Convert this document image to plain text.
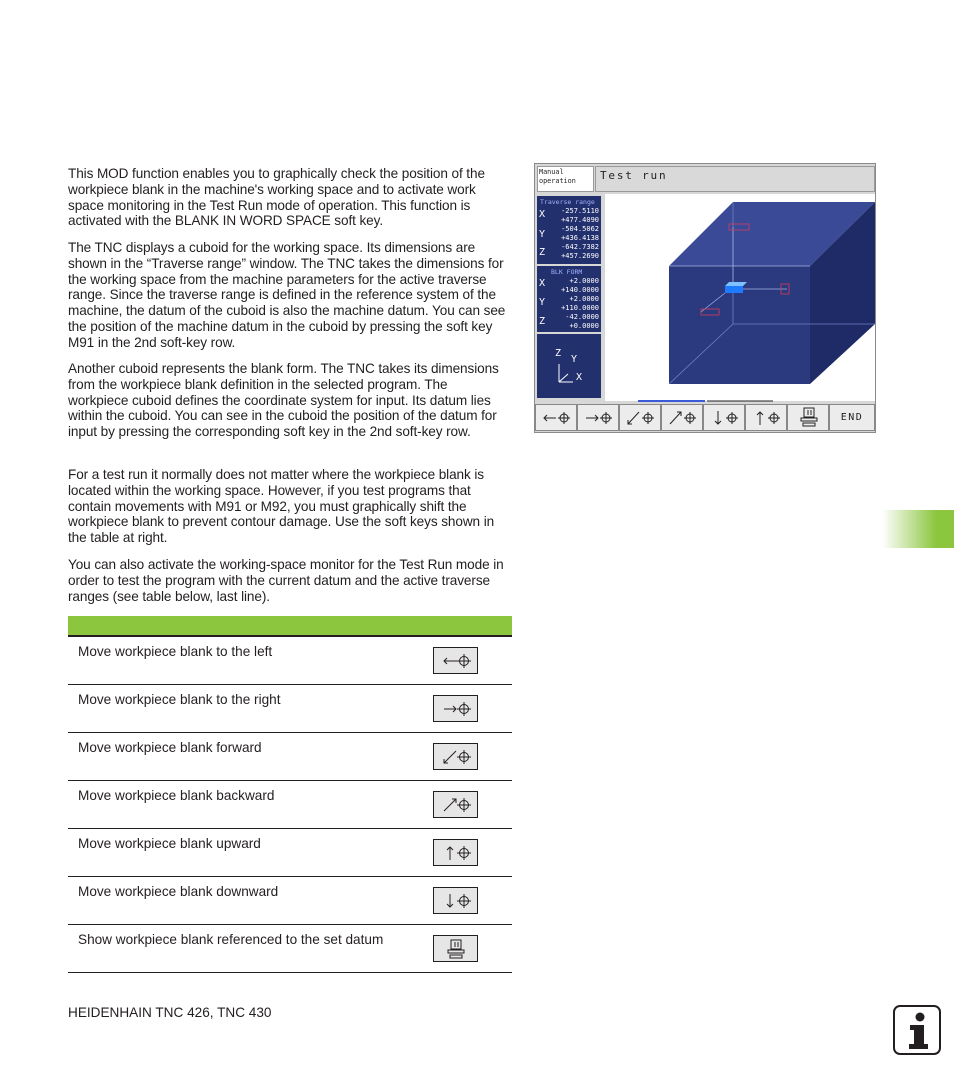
This MOD function enables you to graphically check the position of the workpiece blank in the machine's working space and to activate work space monitoring in the Test Run mode of operation. This function is activated with the BLANK IN WORD SPACE soft key.

The TNC displays a cuboid for the working space. Its dimensions are shown in the “Traverse range” window. The TNC takes the dimensions for the working space from the machine parameters for the active traverse range. Since the traverse range is defined in the reference system of the machine, the datum of the cuboid is also the machine datum. You can see the position of the machine datum in the cuboid by pressing the soft key M91 in the 2nd soft-key row.

Another cuboid represents the blank form. The TNC takes its dimensions from the workpiece blank definition in the selected program. The workpiece cuboid defines the coordinate system for input. Its datum lies within the cuboid. You can see in the cuboid the position of the datum for input by pressing the corresponding soft key in the 2nd soft-key row.

For a test run it normally does not matter where the workpiece blank is located within the working space. However, if you test programs that contain movements with M91 or M92, you must graphically shift the workpiece blank to prevent contour damage. Use the soft keys shown in the table at right.

You can also activate the working-space monitor for the Test Run mode in order to test the program with the current datum and the active traverse ranges (see table below, last line).

Move workpiece blank to the left
Move workpiece blank to the right
Move workpiece blank forward
Move workpiece blank backward
Move workpiece blank upward
Move workpiece blank downward
Show workpiece blank referenced to the set datum
Manual
operation	Test run
Traverse range
X
Y
Z
-257.5110
+477.4090
-504.5062
+436.4138
-642.7382
+457.2690
BLK FORM
X
Y
Z
+2.0000
+140.0000
+2.0000
+110.0000
-42.0000
+0.0000
Z
Y
X
END
HEIDENHAIN TNC 426, TNC 430
